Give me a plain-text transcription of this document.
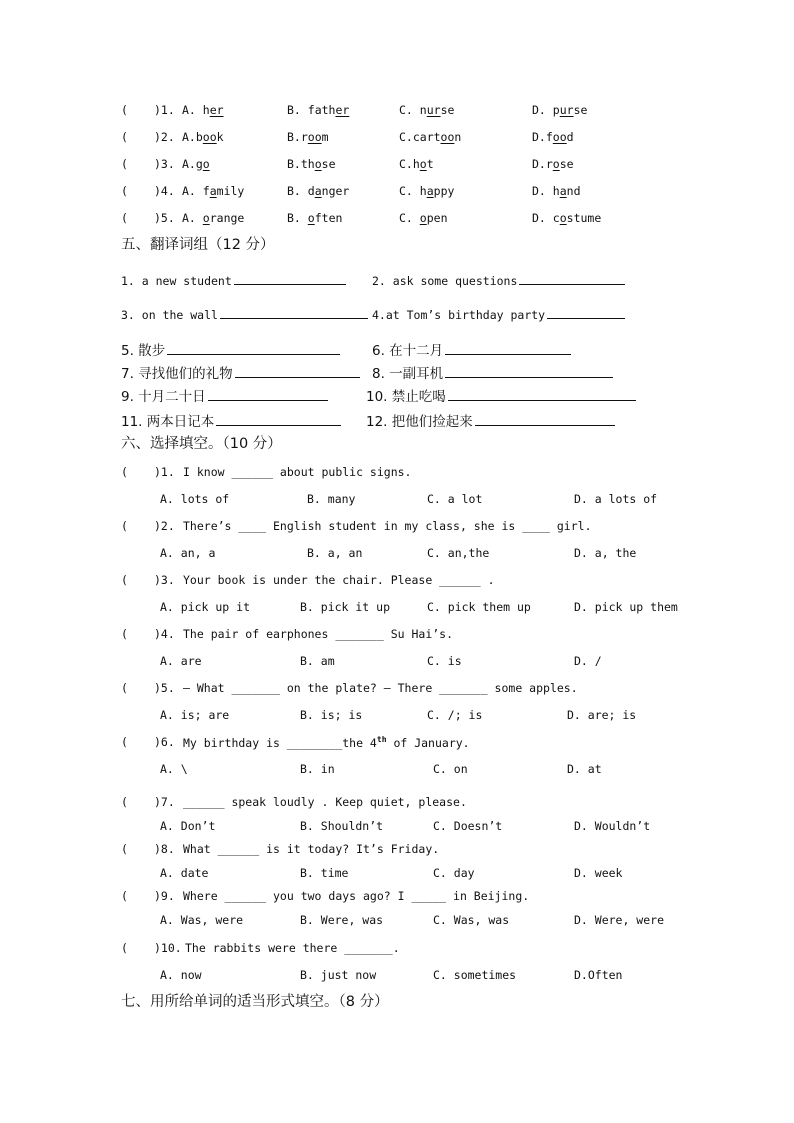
( )1. A. her	B. father	C. nurse	D. purse
( )2. A.book	B.room	C.cartoon	D.food
( )3. A.go	B.those	C.hot	D.rose
( )4. A. family	B. danger	C. happy	D. hand
( )5. A. orange	B. often	C. open	D. costume
五、翻译词组（12 分）
1. a new student	2. ask some questions
3. on the wall	4.at Tom’s birthday party
5. 散步	6. 在十二月
7. 寻找他们的礼物	8. 一副耳机
9. 十月二十日	10. 禁止吃喝
11. 两本日记本	12. 把他们捡起来
六、选择填空。（10 分）
( )1. I know ______ about public signs.
A. lots of	B. many	C. a lot	D. a lots of
( )2. There’s ____ English student in my class, she is ____ girl.
A. an, a	B. a, an	C. an,the	D. a, the
( )3. Your book is under the chair. Please ______ .
A. pick up it	B. pick it up	C. pick them up	D. pick up them
( )4. The pair of earphones _______ Su Hai’s.
A. are	B. am	C. is	D. /
( )5. — What _______ on the plate? — There _______ some apples.
A. is; are	B. is; is	C. /; is	D. are; is
( )6. My birthday is ________the 4th of January.
A. \	B. in	C. on	D. at
( )7. ______ speak loudly . Keep quiet, please.
A. Don’t	B. Shouldn’t	C. Doesn’t	D. Wouldn’t
( )8. What ______ is it today? It’s Friday.
A. date	B. time	C. day	D. week
( )9. Where ______ you two days ago? I _____ in Beijing.
A. Was, were	B. Were, was	C. Was, was	D. Were, were
( )10. The rabbits were there _______.
A. now	B. just now	C. sometimes	D.Often
七、用所给单词的适当形式填空。（8 分）
